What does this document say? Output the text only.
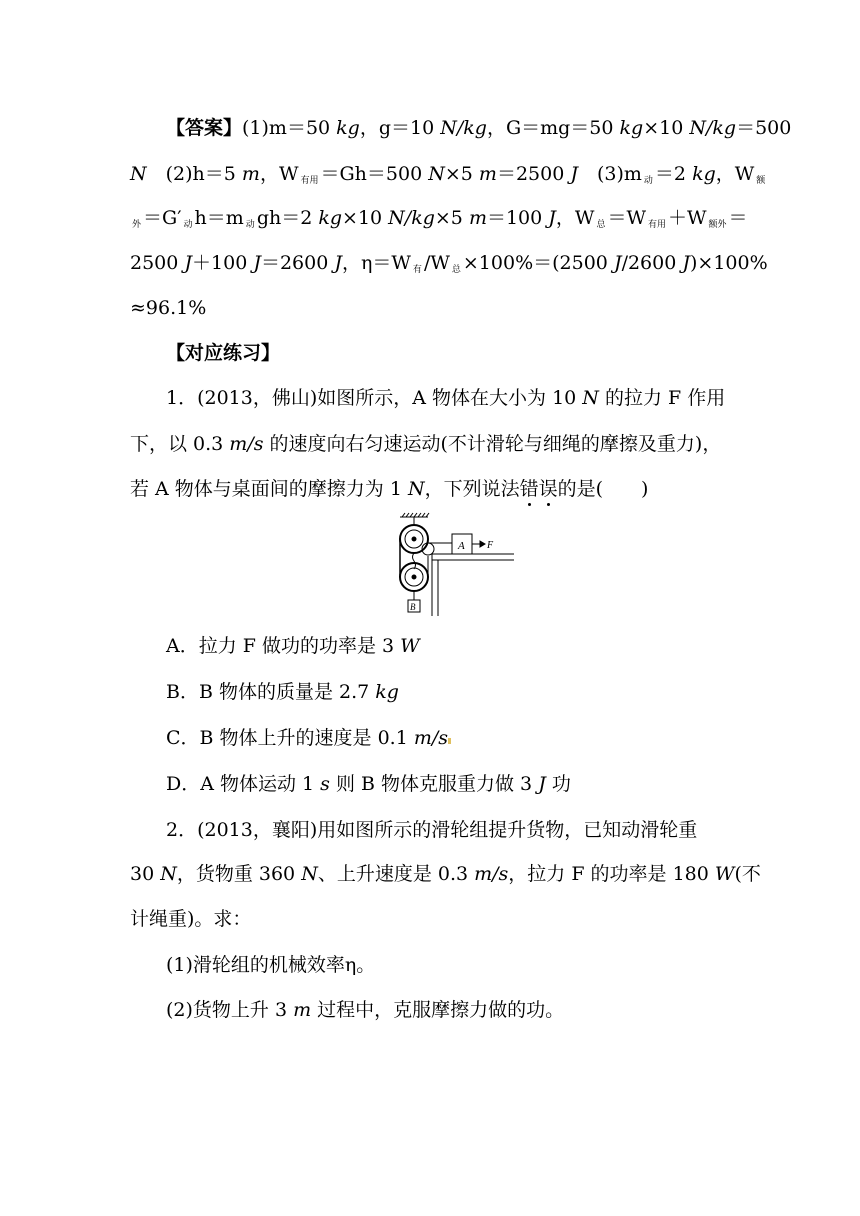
【答案】(1)m＝50 kg，g＝10 N/kg，G＝mg＝50 kg×10 N/kg＝500
N　(2)h＝5 m，W $_{有用}$ ＝Gh＝500 N×5 m＝2500 J　(3)m $_动$ ＝2 kg，W $_额$
$_外$ ＝G′ $_动$ h＝m $_动$ gh＝2 kg×10 N/kg×5 m＝100 J，W $_总$ ＝W $_{有用}$ ＋W $_{额外}$ ＝
2500 J＋100 J＝2600 J，η＝W $_有$ /W $_总$ ×100%＝(2500 J/2600 J)×100%
≈96.1%
【对应练习】
1．(2013，佛山)如图所示，A 物体在大小为 10 N 的拉力 F 作用
下，以 0.3 m/s 的速度向右匀速运动(不计滑轮与细绳的摩擦及重力)，
若 A 物体与桌面间的摩擦力为 1 N，下列说法错误的是(　　)
A F
B
A．拉力 F 做功的功率是 3 W
B．B 物体的质量是 2.7 kg
C．B 物体上升的速度是 0.1 m/s
D．A 物体运动 1 s 则 B 物体克服重力做 3 J 功
2．(2013，襄阳)用如图所示的滑轮组提升货物，已知动滑轮重
30 N，货物重 360 N、上升速度是 0.3 m/s，拉力 F 的功率是 180 W(不
计绳重)。求：
(1)滑轮组的机械效率η。
(2)货物上升 3 m 过程中，克服摩擦力做的功。
